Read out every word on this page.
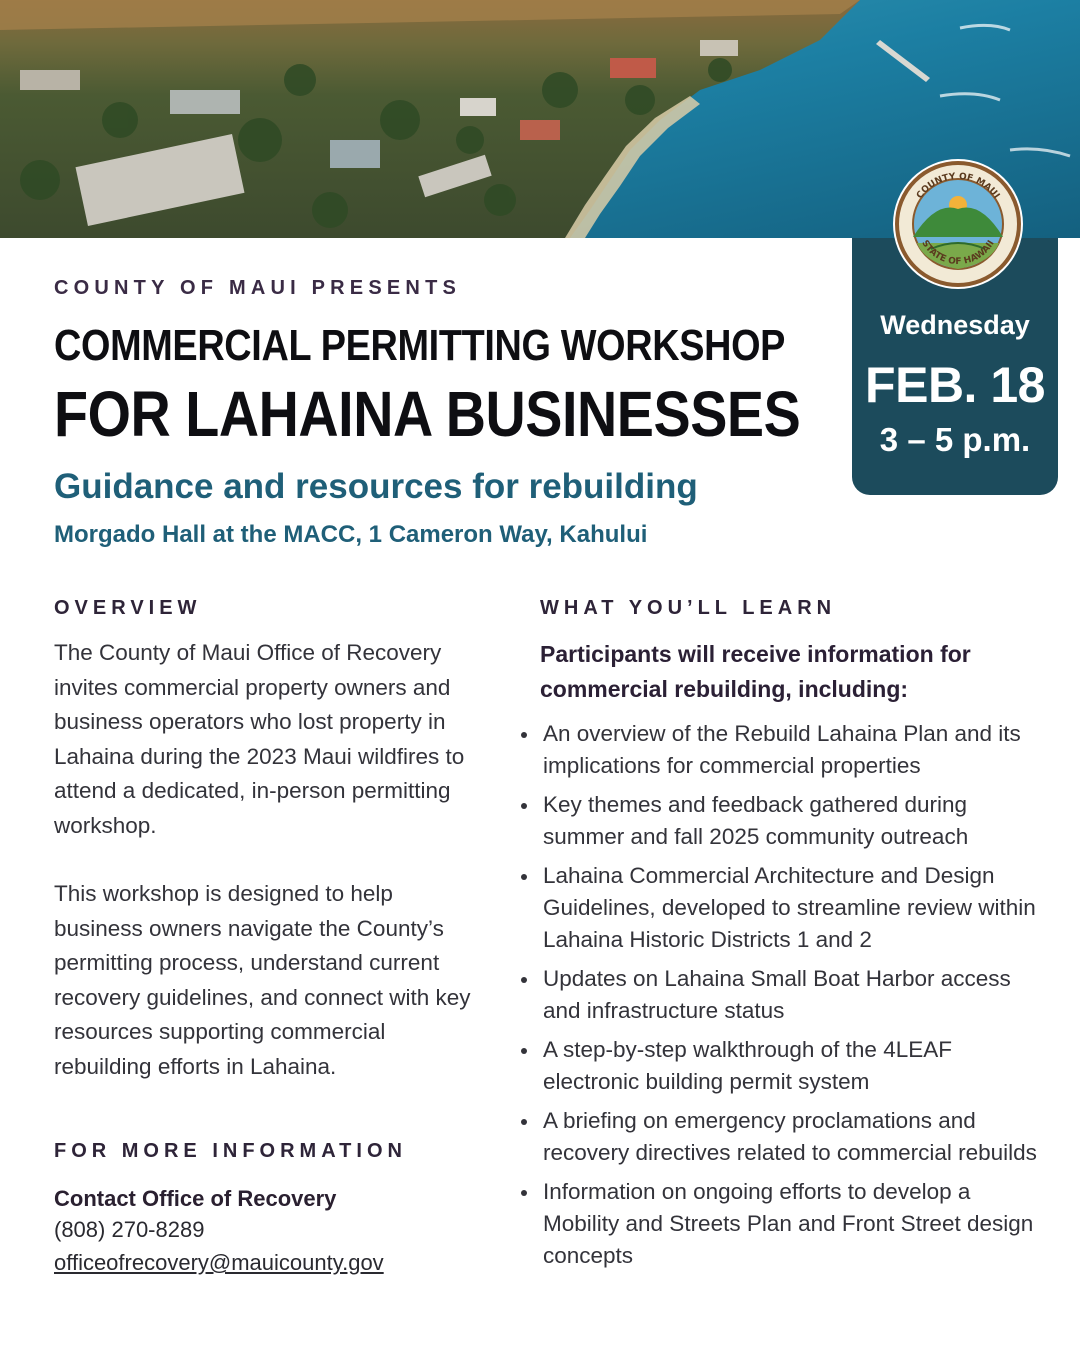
Wednesday
FEB. 18
3 – 5 p.m.
COUNTY OF MAUI
STATE OF HAWAII
COUNTY OF MAUI PRESENTS
COMMERCIAL PERMITTING WORKSHOP
FOR LAHAINA BUSINESSES
Guidance and resources for rebuilding
Morgado Hall at the MACC, 1 Cameron Way, Kahului
OVERVIEW

The County of Maui Office of Recovery invites commercial property owners and business operators who lost property in Lahaina during the 2023 Maui wildfires to attend a dedicated, in-person permitting workshop.

This workshop is designed to help business owners navigate the County’s permitting process, understand current recovery guidelines, and connect with key resources supporting commercial rebuilding efforts in Lahaina.

FOR MORE INFORMATION
Contact Office of Recovery
(808) 270-8289
officeofrecovery@mauicounty.gov
WHAT YOU’LL LEARN
Participants will receive information for commercial rebuilding, including:
An overview of the Rebuild Lahaina Plan and its implications for commercial properties
Key themes and feedback gathered during summer and fall 2025 community outreach
Lahaina Commercial Architecture and Design Guidelines, developed to streamline review within Lahaina Historic Districts 1 and 2
Updates on Lahaina Small Boat Harbor access and infrastructure status
A step-by-step walkthrough of the 4LEAF electronic building permit system
A briefing on emergency proclamations and recovery directives related to commercial rebuilds
Information on ongoing efforts to develop a Mobility and Streets Plan and Front Street design concepts
